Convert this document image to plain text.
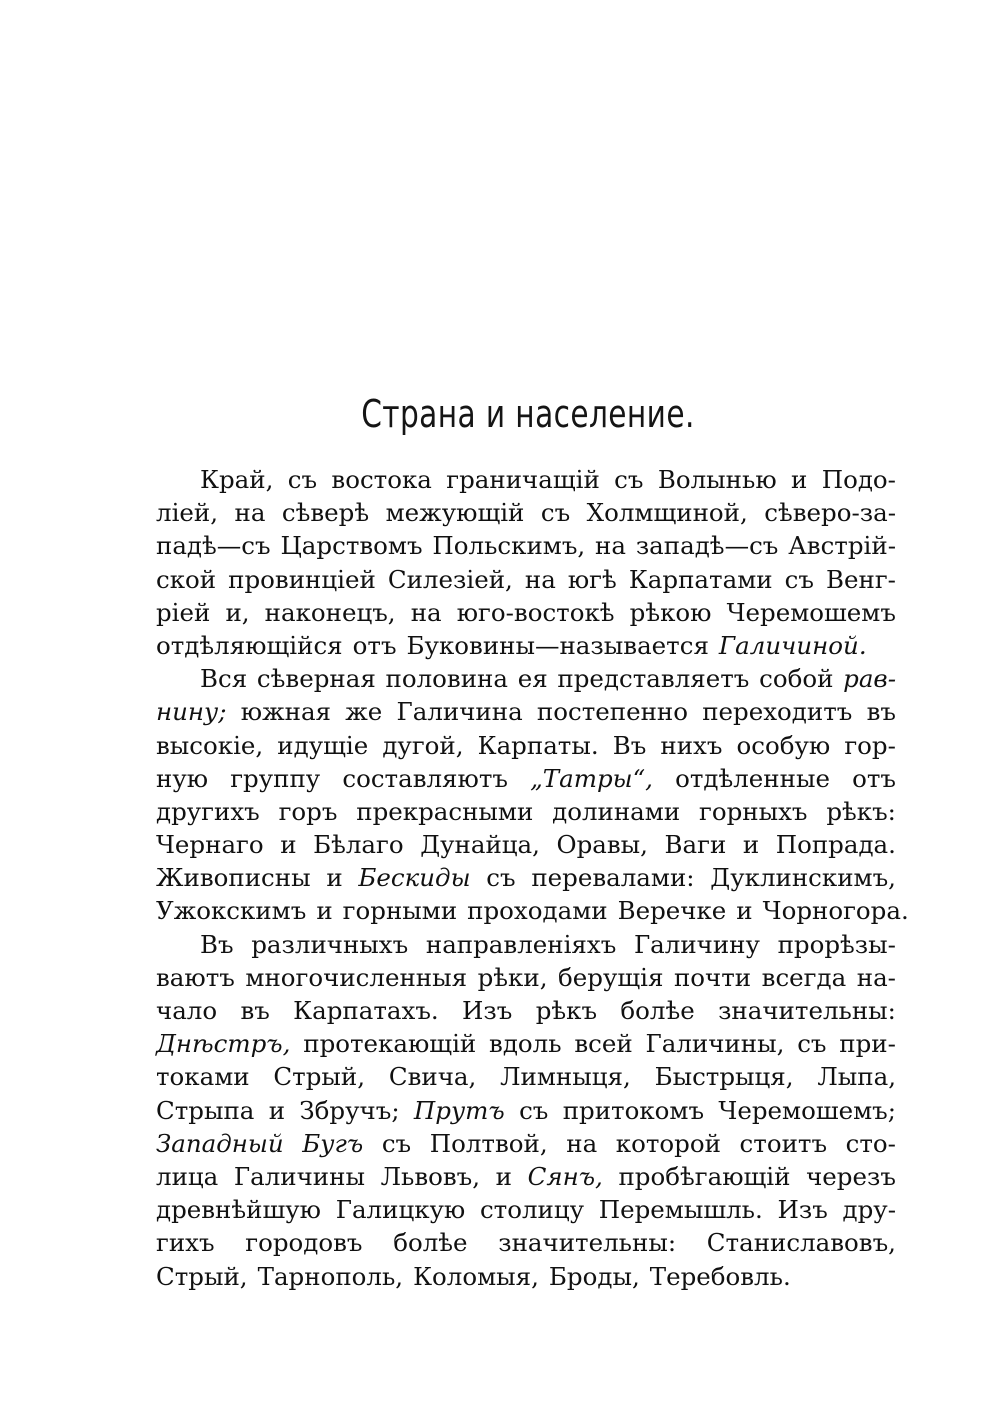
Страна и население.
Край, съ востока граничащій съ Волынью и Подо-
ліей, на сѣверѣ межующій съ Холмщиной, сѣверо-за-
падѣ—съ Царствомъ Польскимъ, на западѣ—съ Австрій-
ской провинціей Силезіей, на югѣ Карпатами съ Венг-
ріей и, наконецъ, на юго-востокѣ рѣкою Черемошемъ
отдѣляющійся отъ Буковины—называется Галичиной.
Вся сѣверная половина ея представляетъ собой рав-
нину; южная же Галичина постепенно переходитъ въ
высокіе, идущіе дугой, Карпаты. Въ нихъ особую гор-
ную группу составляютъ „Татры“, отдѣленные отъ
другихъ горъ прекрасными долинами горныхъ рѣкъ:
Чернаго и Бѣлаго Дунайца, Оравы, Ваги и Попрада.
Живописны и Бескиды съ перевалами: Дуклинскимъ,
Ужокскимъ и горными проходами Веречке и Чорногора.
Въ различныхъ направленіяхъ Галичину прорѣзы-
ваютъ многочисленныя рѣки, берущія почти всегда на-
чало въ Карпатахъ. Изъ рѣкъ болѣе значительны:
Днѣстръ, протекающій вдоль всей Галичины, съ при-
токами Стрый, Свича, Лимныця, Быстрыця, Лыпа,
Стрыпа и Збручъ; Прутъ съ притокомъ Черемошемъ;
Западный Бугъ съ Полтвой, на которой стоитъ сто-
лица Галичины Львовъ, и Сянъ, пробѣгающій черезъ
древнѣйшую Галицкую столицу Перемышль. Изъ дру-
гихъ городовъ болѣе значительны: Станиславовъ,
Стрый, Тарнополь, Коломыя, Броды, Теребовль.
